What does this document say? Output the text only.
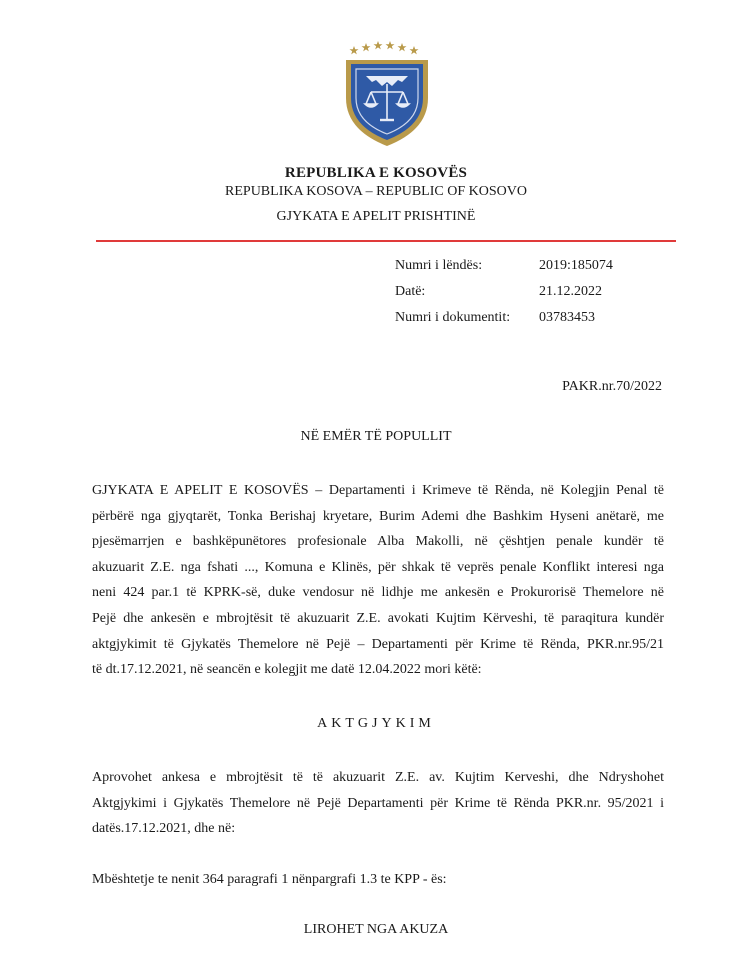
REPUBLIKA E KOSOVËS
REPUBLIKA KOSOVA – REPUBLIC OF KOSOVO
GJYKATA E APELIT PRISHTINË
Numri i lëndës:	2019:185074
Datë:	21.12.2022
Numri i dokumentit: 03783453
PAKR.nr.70/2022
NË EMËR TË POPULLIT
GJYKATA E APELIT E KOSOVËS – Departamenti i Krimeve të Rënda, në Kolegjin Penal të
përbërë nga gjyqtarët, Tonka Berishaj kryetare, Burim Ademi dhe Bashkim Hyseni anëtarë, me
pjesëmarrjen e bashkëpunëtores profesionale Alba Makolli, në çështjen penale kundër të
akuzuarit Z.E. nga fshati ..., Komuna e Klinës, për shkak të veprës penale Konflikt interesi nga
neni 424 par.1 të KPRK-së, duke vendosur në lidhje me ankesën e Prokurorisë Themelore në
Pejë dhe ankesën e mbrojtësit të akuzuarit Z.E. avokati Kujtim Kërveshi, të paraqitura kundër
aktgjykimit të Gjykatës Themelore në Pejë – Departamenti për Krime të Rënda, PKR.nr.95/21
të dt.17.12.2021, në seancën e kolegjit me datë 12.04.2022 mori këtë:
AKTGJYKIM
Aprovohet ankesa e mbrojtësit të të akuzuarit Z.E. av. Kujtim Kerveshi, dhe Ndryshohet
Aktgjykimi i Gjykatës Themelore në Pejë Departamenti për Krime të Rënda PKR.nr. 95/2021 i
datës.17.12.2021, dhe në:
Mbështetje te nenit 364 paragrafi 1 nënpargrafi 1.3 te KPP - ës:
LIROHET NGA AKUZA
